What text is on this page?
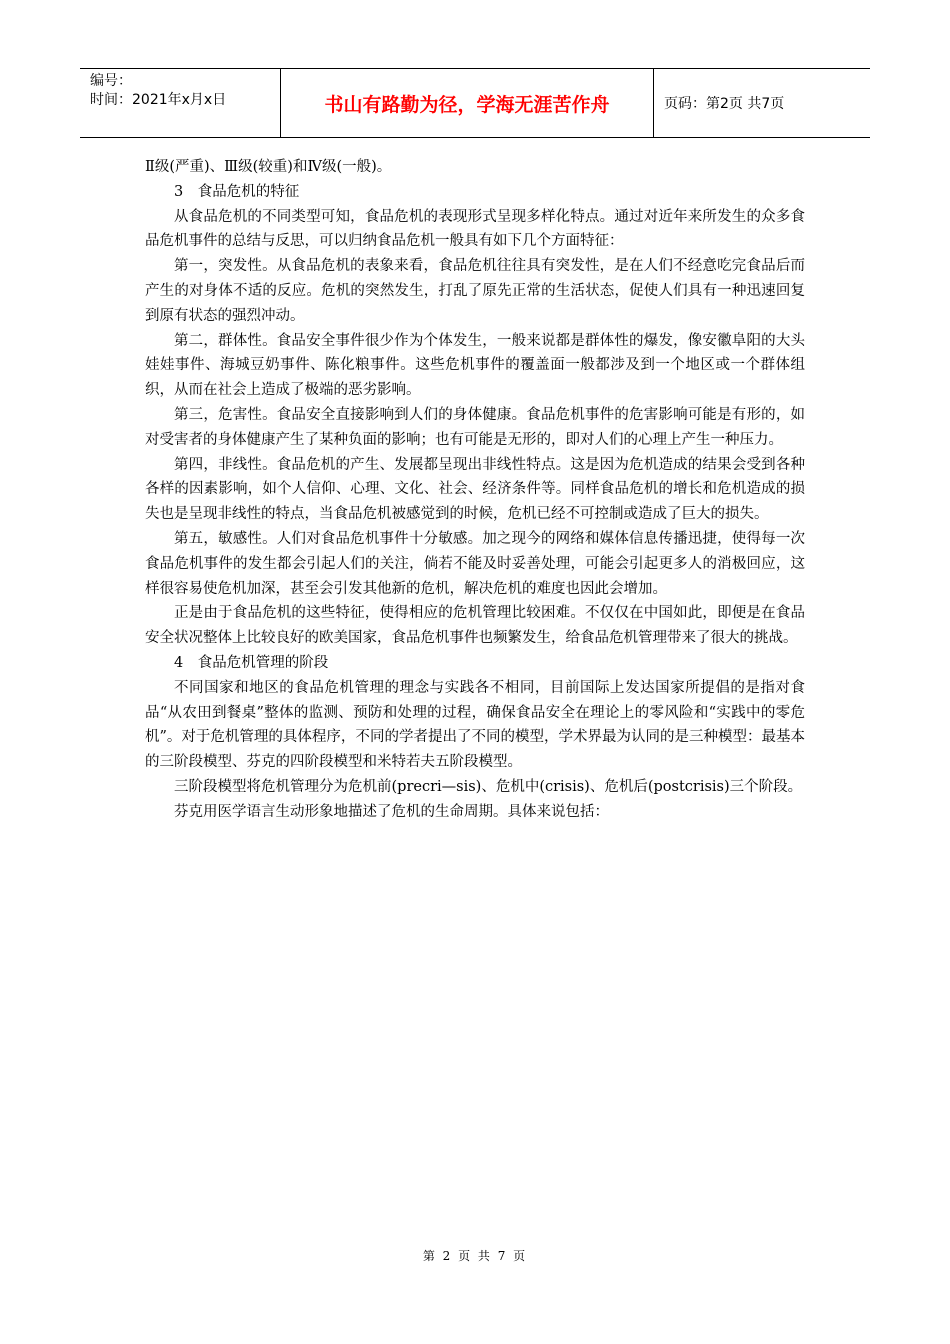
编号：
时间：2021年x月x日	书山有路勤为径，学海无涯苦作舟	页码：第2页 共7页

Ⅱ级(严重)、Ⅲ级(较重)和Ⅳ级(一般)。

3　食品危机的特征

从食品危机的不同类型可知，食品危机的表现形式呈现多样化特点。通过对近年来所发生的众多食品危机事件的总结与反思，可以归纳食品危机一般具有如下几个方面特征：

第一，突发性。从食品危机的表象来看，食品危机往往具有突发性，是在人们不经意吃完食品后而产生的对身体不适的反应。危机的突然发生，打乱了原先正常的生活状态，促使人们具有一种迅速回复到原有状态的强烈冲动。

第二，群体性。食品安全事件很少作为个体发生，一般来说都是群体性的爆发，像安徽阜阳的大头娃娃事件、海城豆奶事件、陈化粮事件。这些危机事件的覆盖面一般都涉及到一个地区或一个群体组织，从而在社会上造成了极端的恶劣影响。

第三，危害性。食品安全直接影响到人们的身体健康。食品危机事件的危害影响可能是有形的，如对受害者的身体健康产生了某种负面的影响；也有可能是无形的，即对人们的心理上产生一种压力。

第四，非线性。食品危机的产生、发展都呈现出非线性特点。这是因为危机造成的结果会受到各种各样的因素影响，如个人信仰、心理、文化、社会、经济条件等。同样食品危机的增长和危机造成的损失也是呈现非线性的特点，当食品危机被感觉到的时候，危机已经不可控制或造成了巨大的损失。

第五，敏感性。人们对食品危机事件十分敏感。加之现今的网络和媒体信息传播迅捷，使得每一次食品危机事件的发生都会引起人们的关注，倘若不能及时妥善处理，可能会引起更多人的消极回应，这样很容易使危机加深，甚至会引发其他新的危机，解决危机的难度也因此会增加。

正是由于食品危机的这些特征，使得相应的危机管理比较困难。不仅仅在中国如此，即便是在食品安全状况整体上比较良好的欧美国家，食品危机事件也频繁发生，给食品危机管理带来了很大的挑战。

4　食品危机管理的阶段

不同国家和地区的食品危机管理的理念与实践各不相同，目前国际上发达国家所提倡的是指对食品“从农田到餐桌”整体的监测、预防和处理的过程，确保食品安全在理论上的零风险和“实践中的零危机”。对于危机管理的具体程序，不同的学者提出了不同的模型，学术界最为认同的是三种模型：最基本的三阶段模型、芬克的四阶段模型和米特若夫五阶段模型。

三阶段模型将危机管理分为危机前(precri—sis)、危机中(crisis)、危机后(postcrisis)三个阶段。

芬克用医学语言生动形象地描述了危机的生命周期。具体来说包括：

第 2 页 共 7 页
